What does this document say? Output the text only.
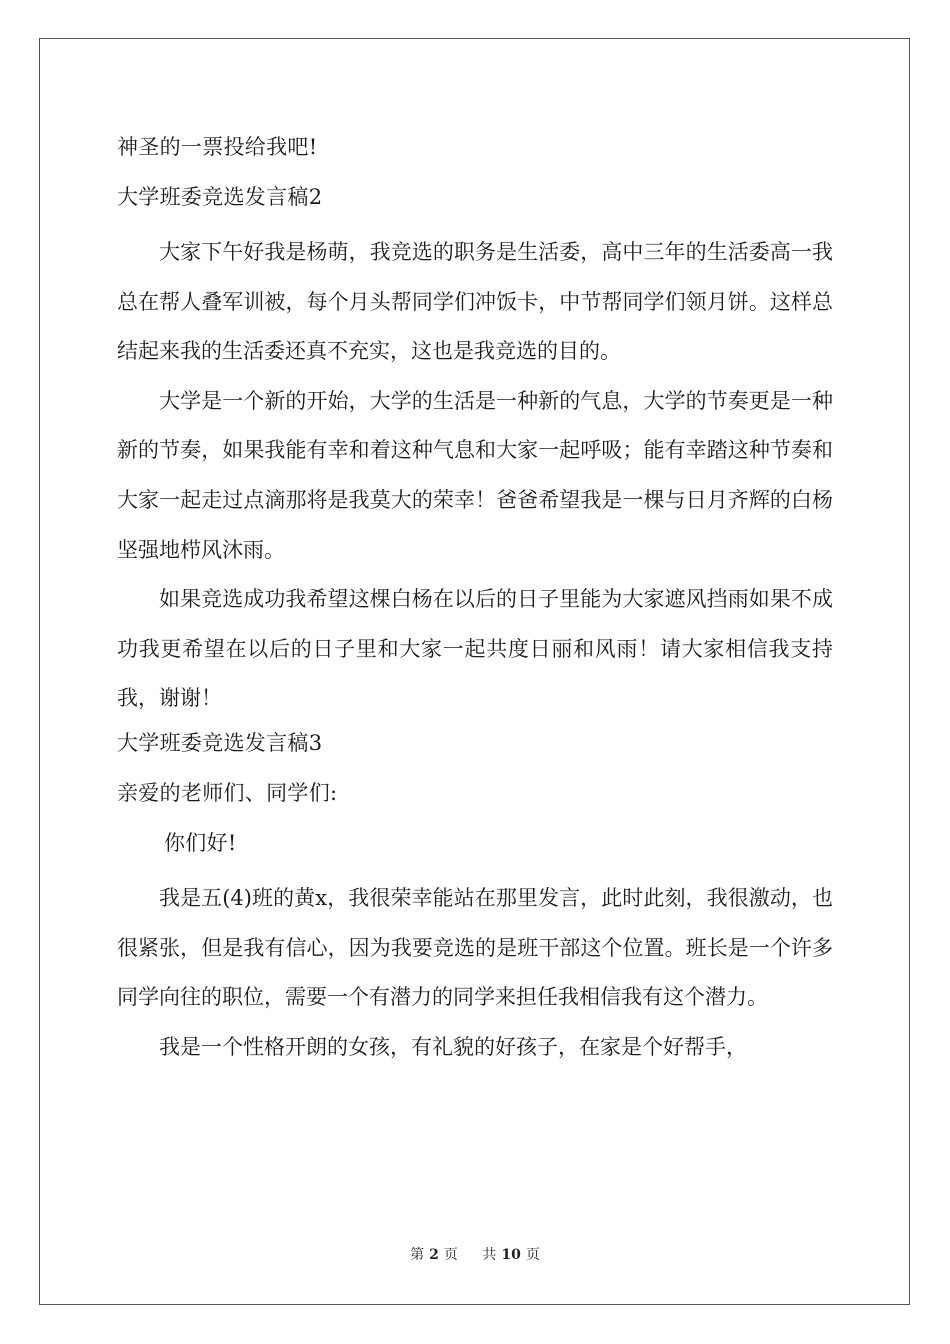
神圣的一票投给我吧!
大学班委竞选发言稿2

大家下午好我是杨萌，我竞选的职务是生活委，高中三年的生活委高一我总在帮人叠军训被，每个月头帮同学们冲饭卡，中节帮同学们领月饼。这样总结起来我的生活委还真不充实，这也是我竞选的目的。

大学是一个新的开始，大学的生活是一种新的气息，大学的节奏更是一种新的节奏，如果我能有幸和着这种气息和大家一起呼吸；能有幸踏这种节奏和大家一起走过点滴那将是我莫大的荣幸！爸爸希望我是一棵与日月齐辉的白杨坚强地栉风沐雨。

如果竞选成功我希望这棵白杨在以后的日子里能为大家遮风挡雨如果不成功我更希望在以后的日子里和大家一起共度日丽和风雨！请大家相信我支持我，谢谢！

大学班委竞选发言稿3
亲爱的老师们、同学们:
你们好!

我是五(4)班的黄x，我很荣幸能站在那里发言，此时此刻，我很激动，也很紧张，但是我有信心，因为我要竞选的是班干部这个位置。班长是一个许多同学向往的职位，需要一个有潜力的同学来担任我相信我有这个潜力。

我是一个性格开朗的女孩，有礼貌的好孩子，在家是个好帮手，

第 2 页 共 10 页
